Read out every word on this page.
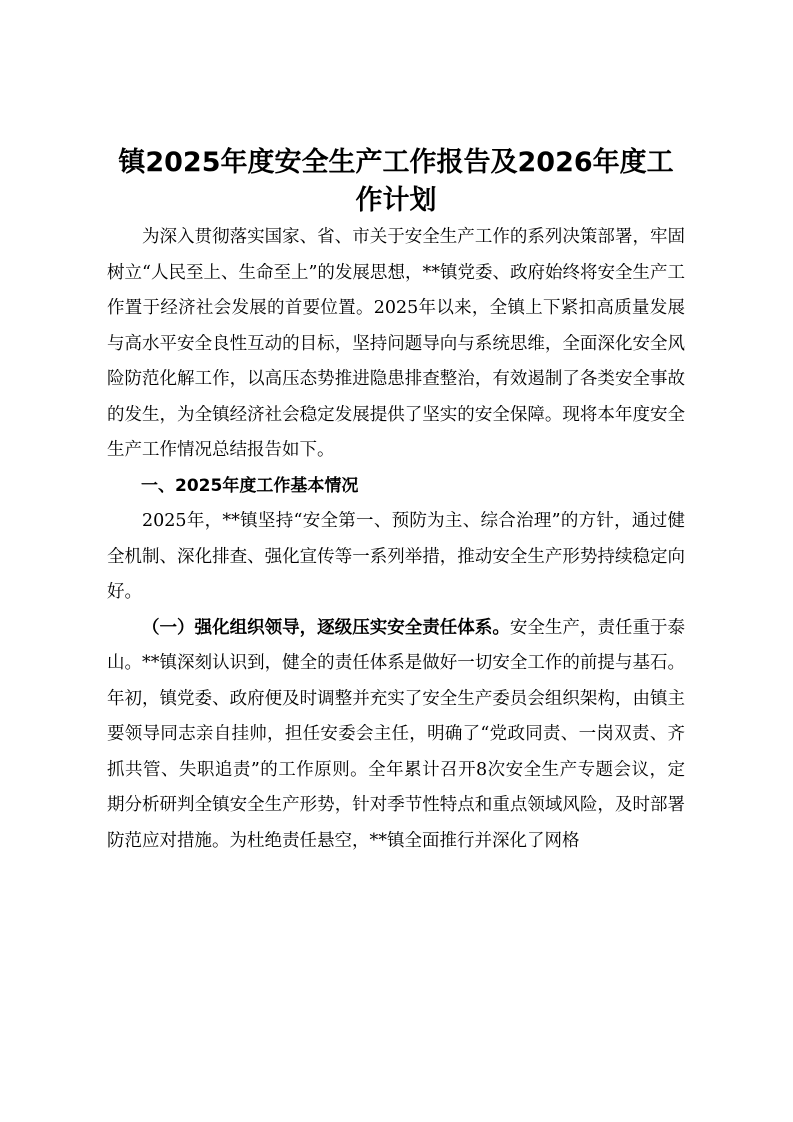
镇2025年度安全生产工作报告及2026年度工作计划

为深入贯彻落实国家、省、市关于安全生产工作的系列决策部署，牢固树立“人民至上、生命至上”的发展思想，**镇党委、政府始终将安全生产工作置于经济社会发展的首要位置。2025年以来，全镇上下紧扣高质量发展与高水平安全良性互动的目标，坚持问题导向与系统思维，全面深化安全风险防范化解工作，以高压态势推进隐患排查整治，有效遏制了各类安全事故的发生，为全镇经济社会稳定发展提供了坚实的安全保障。现将本年度安全生产工作情况总结报告如下。

一、2025年度工作基本情况

2025年，**镇坚持“安全第一、预防为主、综合治理”的方针，通过健全机制、深化排查、强化宣传等一系列举措，推动安全生产形势持续稳定向好。

（一）强化组织领导，逐级压实安全责任体系。安全生产，责任重于泰山。**镇深刻认识到，健全的责任体系是做好一切安全工作的前提与基石。年初，镇党委、政府便及时调整并充实了安全生产委员会组织架构，由镇主要领导同志亲自挂帅，担任安委会主任，明确了“党政同责、一岗双责、齐抓共管、失职追责”的工作原则。全年累计召开8次安全生产专题会议，定期分析研判全镇安全生产形势，针对季节性特点和重点领域风险，及时部署防范应对措施。为杜绝责任悬空，**镇全面推行并深化了网格
